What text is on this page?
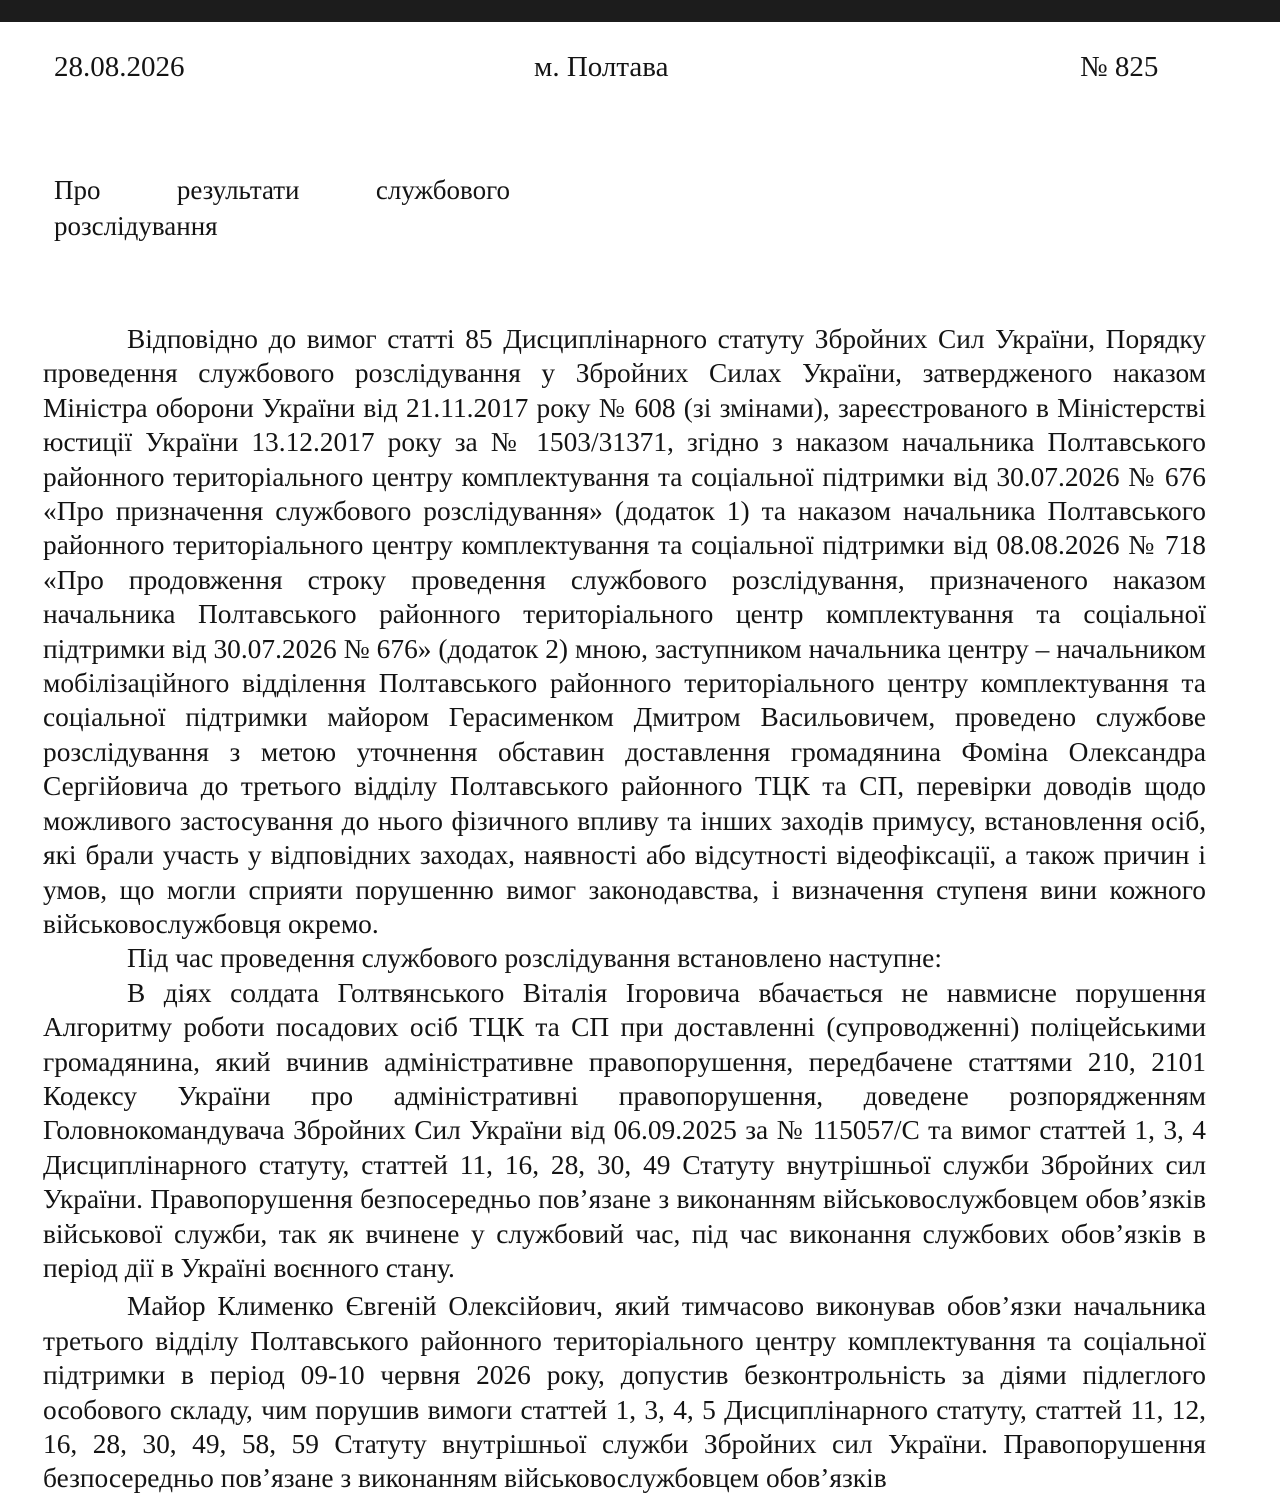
28.08.2026	м. Полтава	№ 825
Про	результати	службового
розслідування

Відповідно до вимог статті 85 Дисциплінарного статуту Збройних Сил України, Порядку проведення службового розслідування у Збройних Силах України, затвердженого наказом Міністра оборони України від 21.11.2017 року № 608 (зі змінами), зареєстрованого в Міністерстві юстиції України 13.12.2017 року за № 1503/31371, згідно з наказом начальника Полтавського районного територіального центру комплектування та соціальної підтримки від 30.07.2026 № 676 «Про призначення службового розслідування» (додаток 1) та наказом начальника Полтавського районного територіального центру комплектування та соціальної підтримки від 08.08.2026 № 718 «Про продовження строку проведення службового розслідування, призначеного наказом начальника Полтавського районного територіального центр комплектування та соціальної підтримки від 30.07.2026 № 676» (додаток 2) мною, заступником начальника центру – начальником мобілізаційного відділення Полтавського районного територіального центру комплектування та соціальної підтримки майором Герасименком Дмитром Васильовичем, проведено службове розслідування з метою уточнення обставин доставлення громадянина Фоміна Олександра Сергійовича до третього відділу Полтавського районного ТЦК та СП, перевірки доводів щодо можливого застосування до нього фізичного впливу та інших заходів примусу, встановлення осіб, які брали участь у відповідних заходах, наявності або відсутності відеофіксації, а також причин і умов, що могли сприяти порушенню вимог законодавства, і визначення ступеня вини кожного військовослужбовця окремо.

Під час проведення службового розслідування встановлено наступне:

В діях солдата Голтвянського Віталія Ігоровича вбачається не навмисне порушення Алгоритму роботи посадових осіб ТЦК та СП при доставленні (супроводженні) поліцейськими громадянина, який вчинив адміністративне правопорушення, передбачене статтями 210, 2101 Кодексу України про адміністративні правопорушення, доведене розпорядженням Головнокомандувача Збройних Сил України від 06.09.2025 за № 115057/С та вимог статтей 1, 3, 4 Дисциплінарного статуту, статтей 11, 16, 28, 30, 49 Статуту внутрішньої служби Збройних сил України. Правопорушення безпосередньо пов’язане з виконанням військовослужбовцем обов’язків військової служби, так як вчинене у службовий час, під час виконання службових обов’язків в період дії в Україні воєнного стану.

Майор Клименко Євгеній Олексійович, який тимчасово виконував обов’язки начальника третього відділу Полтавського районного територіального центру комплектування та соціальної підтримки в період 09-10 червня 2026 року, допустив безконтрольність за діями підлеглого особового складу, чим порушив вимоги статтей 1, 3, 4, 5 Дисциплінарного статуту, статтей 11, 12, 16, 28, 30, 49, 58, 59 Статуту внутрішньої служби Збройних сил України. Правопорушення безпосередньо пов’язане з виконанням військовослужбовцем обов’язків
